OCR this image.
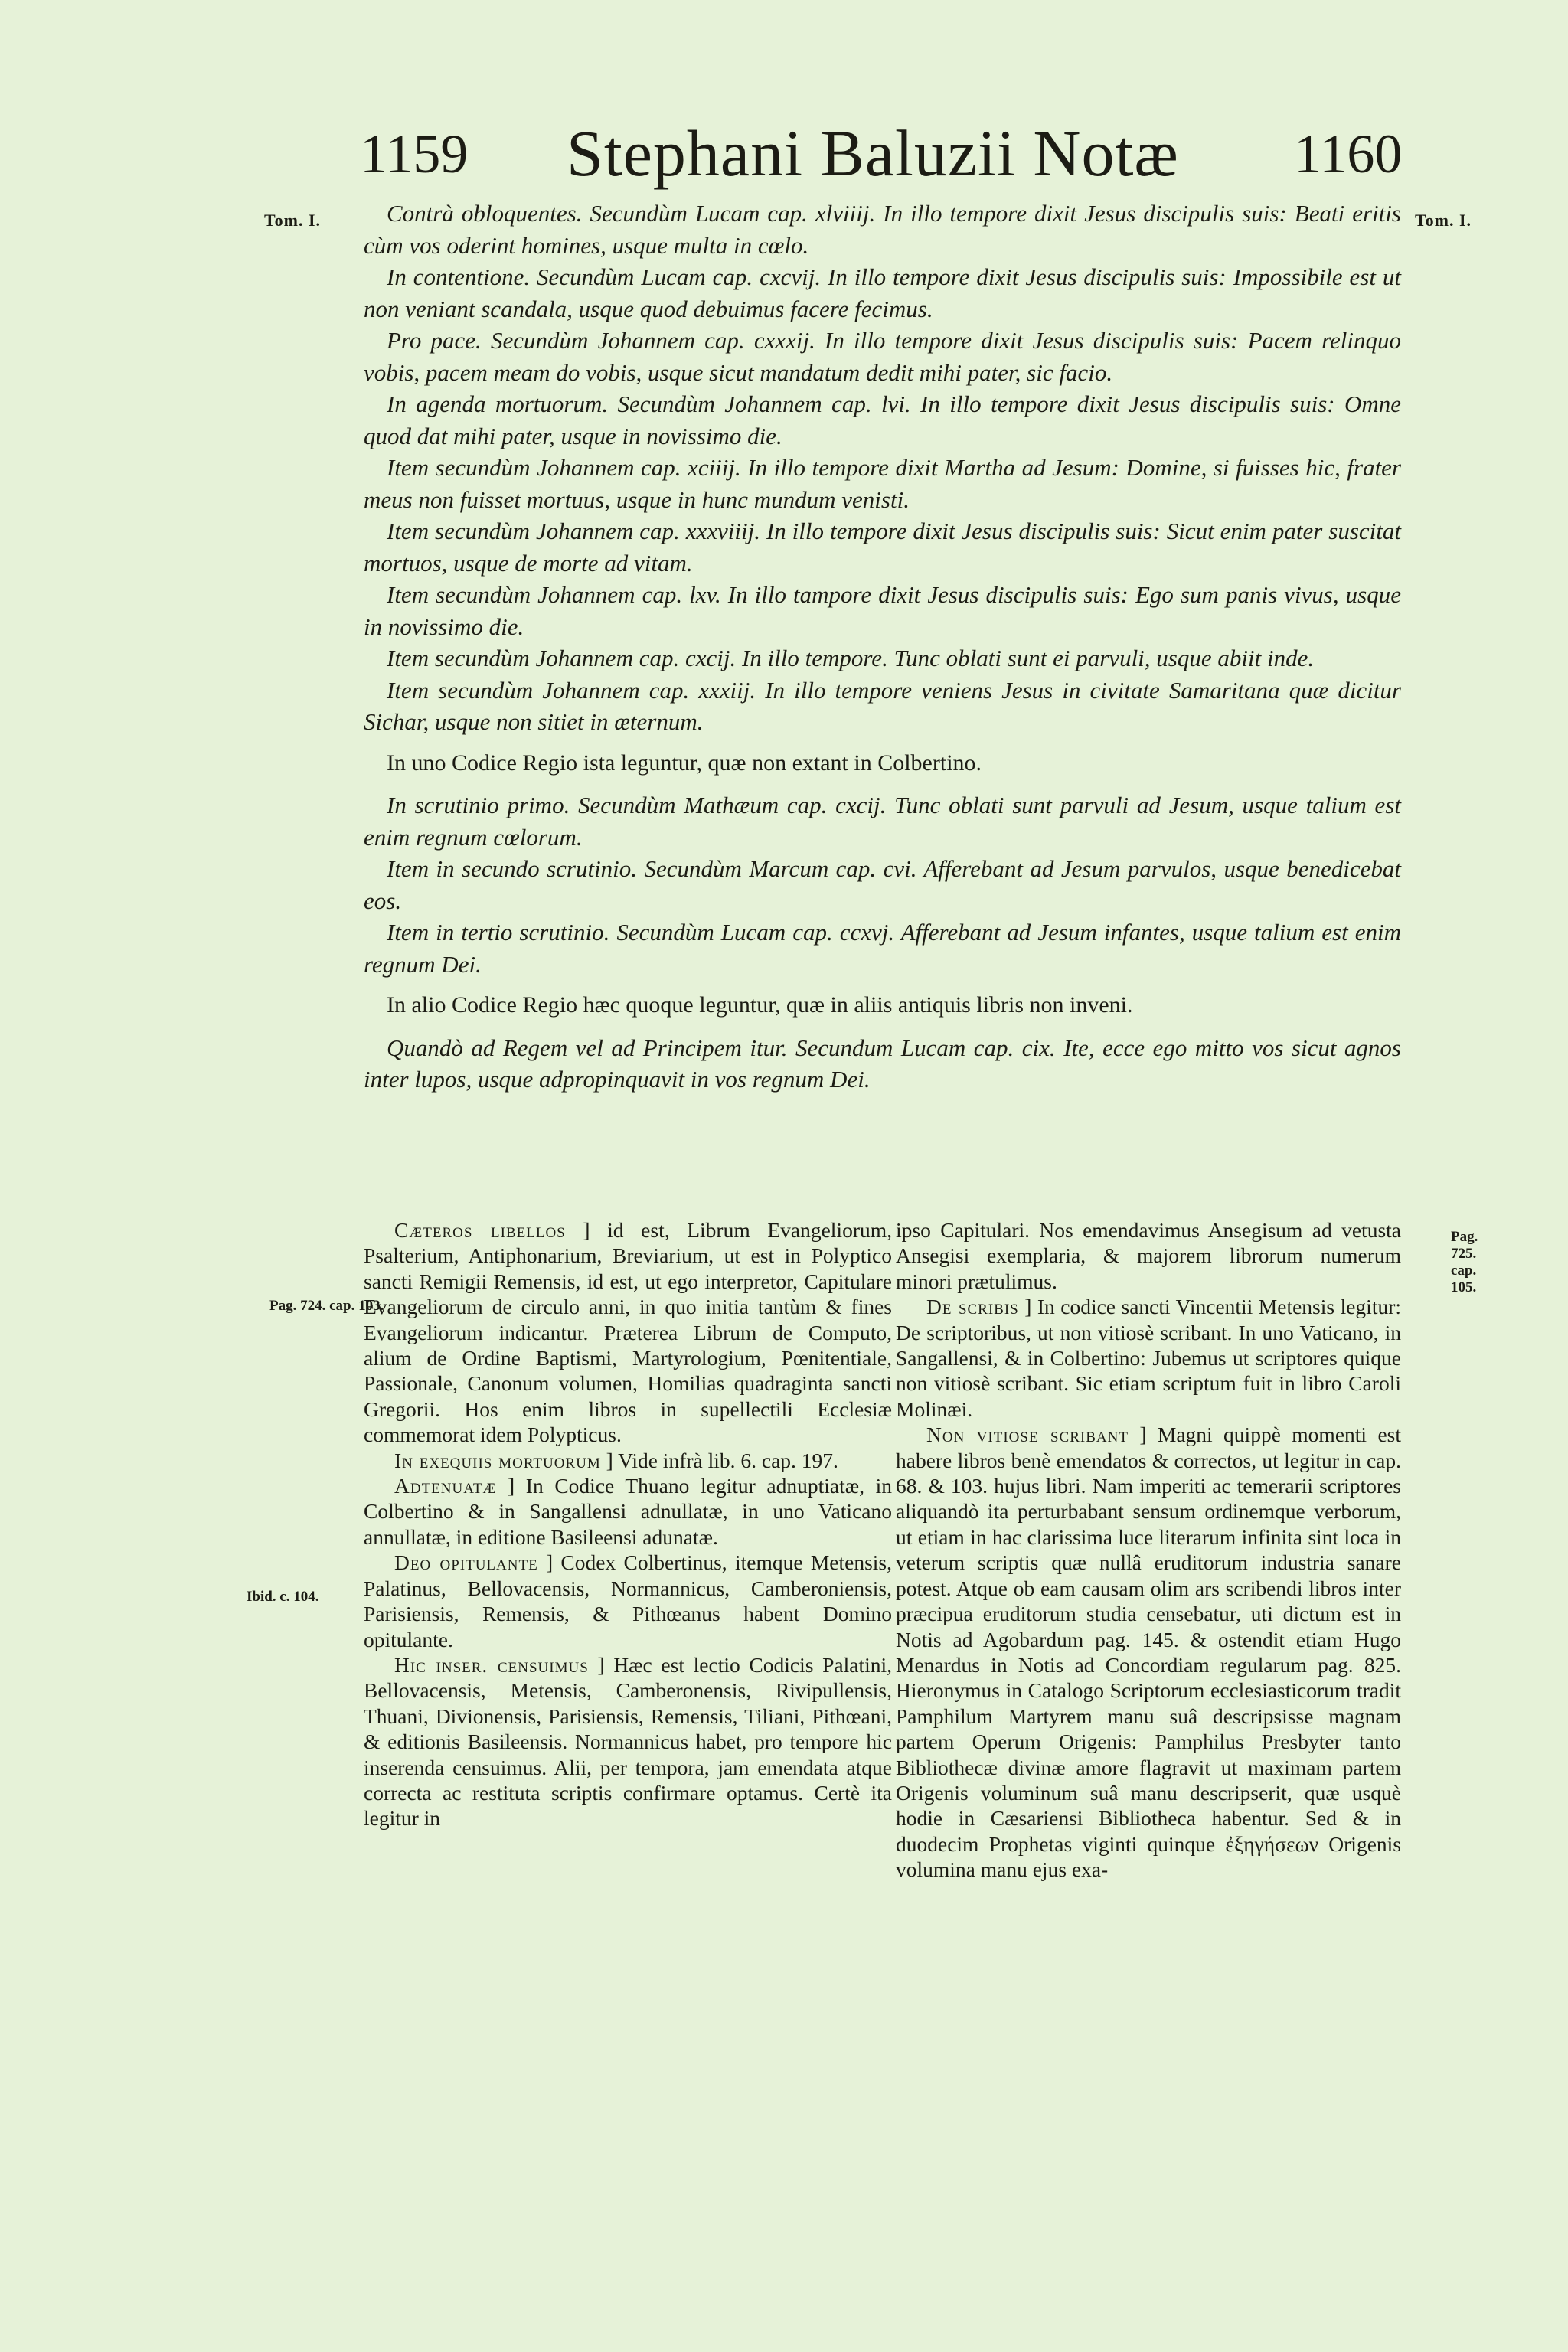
1159 Stephani Baluzii Notæ 1160
Tom. I.	Tom. I.

Contrà obloquentes. Secundùm Lucam cap. xlviiij. In illo tempore dixit Jesus discipulis suis: Beati eritis cùm vos oderint homines, usque multa in cœlo.

In contentione. Secundùm Lucam cap. cxcvij. In illo tempore dixit Jesus discipulis suis: Impossibile est ut non veniant scandala, usque quod debuimus facere fecimus.

Pro pace. Secundùm Johannem cap. cxxxij. In illo tempore dixit Jesus discipulis suis: Pacem relinquo vobis, pacem meam do vobis, usque sicut mandatum dedit mihi pater, sic facio.

In agenda mortuorum. Secundùm Johannem cap. lvi. In illo tempore dixit Jesus discipulis suis: Omne quod dat mihi pater, usque in novissimo die.

Item secundùm Johannem cap. xciiij. In illo tempore dixit Martha ad Jesum: Domine, si fuisses hic, frater meus non fuisset mortuus, usque in hunc mundum venisti.

Item secundùm Johannem cap. xxxviiij. In illo tempore dixit Jesus discipulis suis: Sicut enim pater suscitat mortuos, usque de morte ad vitam.

Item secundùm Johannem cap. lxv. In illo tampore dixit Jesus discipulis suis: Ego sum panis vivus, usque in novissimo die.

Item secundùm Johannem cap. cxcij. In illo tempore. Tunc oblati sunt ei parvuli, usque abiit inde.

Item secundùm Johannem cap. xxxiij. In illo tempore veniens Jesus in civitate Samaritana quæ dicitur Sichar, usque non sitiet in æternum.

In uno Codice Regio ista leguntur, quæ non extant in Colbertino.

In scrutinio primo. Secundùm Mathæum cap. cxcij. Tunc oblati sunt parvuli ad Jesum, usque talium est enim regnum cœlorum.

Item in secundo scrutinio. Secundùm Marcum cap. cvi. Afferebant ad Jesum parvulos, usque benedicebat eos.

Item in tertio scrutinio. Secundùm Lucam cap. ccxvj. Afferebant ad Jesum infantes, usque talium est enim regnum Dei.

In alio Codice Regio hæc quoque leguntur, quæ in aliis antiquis libris non inveni.

Quandò ad Regem vel ad Principem itur. Secundum Lucam cap. cix. Ite, ecce ego mitto vos sicut agnos inter lupos, usque adpropinquavit in vos regnum Dei.

Pag. 724. cap. 103.
Ibid. c. 104.
Pag. 725. cap. 105.

Cæteros libellos ] id est, Librum Evangeliorum, Psalterium, Antiphonarium, Breviarium, ut est in Polyptico sancti Remigii Remensis, id est, ut ego interpretor, Capitulare Evangeliorum de circulo anni, in quo initia tantùm & fines Evangeliorum indicantur. Præterea Librum de Computo, alium de Ordine Baptismi, Martyrologium, Pœnitentiale, Passionale, Canonum volumen, Homilias quadraginta sancti Gregorii. Hos enim libros in supellectili Ecclesiæ commemorat idem Polypticus.

In exequiis mortuorum ] Vide infrà lib. 6. cap. 197.

Adtenuatæ ] In Codice Thuano legitur adnuptiatæ, in Colbertino & in Sangallensi adnullatæ, in uno Vaticano annullatæ, in editione Basileensi adunatæ.

Deo opitulante ] Codex Colbertinus, itemque Metensis, Palatinus, Bellovacensis, Normannicus, Camberoniensis, Parisiensis, Remensis, & Pithœanus habent Domino opitulante.

Hic inser. censuimus ] Hæc est lectio Codicis Palatini, Bellovacensis, Metensis, Camberonensis, Rivipullensis, Thuani, Divionensis, Parisiensis, Remensis, Tiliani, Pithœani, & editionis Basileensis. Normannicus habet, pro tempore hic inserenda censuimus. Alii, per tempora, jam emendata atque correcta ac restituta scriptis confirmare optamus. Certè ita legitur in

ipso Capitulari. Nos emendavimus Ansegisum ad vetusta Ansegisi exemplaria, & majorem librorum numerum minori prætulimus.

De scribis ] In codice sancti Vincentii Metensis legitur: De scriptoribus, ut non vitiosè scribant. In uno Vaticano, in Sangallensi, & in Colbertino: Jubemus ut scriptores quique non vitiosè scribant. Sic etiam scriptum fuit in libro Caroli Molinæi.

Non vitiose scribant ] Magni quippè momenti est habere libros benè emendatos & correctos, ut legitur in cap. 68. & 103. hujus libri. Nam imperiti ac temerarii scriptores aliquandò ita perturbabant sensum ordinemque verborum, ut etiam in hac clarissima luce literarum infinita sint loca in veterum scriptis quæ nullâ eruditorum industria sanare potest. Atque ob eam causam olim ars scribendi libros inter præcipua eruditorum studia censebatur, uti dictum est in Notis ad Agobardum pag. 145. & ostendit etiam Hugo Menardus in Notis ad Concordiam regularum pag. 825. Hieronymus in Catalogo Scriptorum ecclesiasticorum tradit Pamphilum Martyrem manu suâ descripsisse magnam partem Operum Origenis: Pamphilus Presbyter tanto Bibliothecæ divinæ amore flagravit ut maximam partem Origenis voluminum suâ manu descripserit, quæ usquè hodie in Cæsariensi Bibliotheca habentur. Sed & in duodecim Prophetas viginti quinque ἐξηγήσεων Origenis volumina manu ejus exa-
